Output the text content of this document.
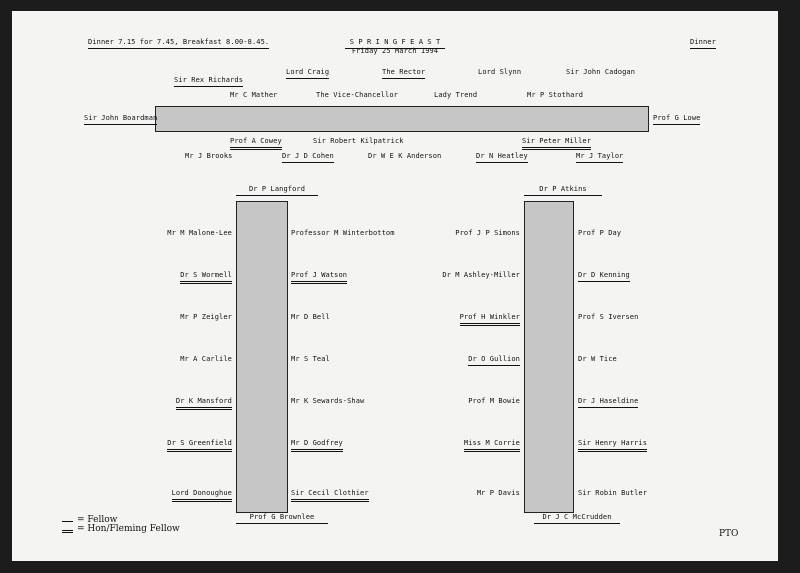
Dinner 7.15 for 7.45, Breakfast 8.00-8.45.	S P R I N G F E A S T
Friday 25 March 1994
Dinner
Lord Craig	The Rector	Lord Slynn	Sir John Cadogan
Sir Rex Richards
Mr C Mather	The Vice-Chancellor	Lady Trend	Mr P Stothard
Sir John Boardman	Prof G Lowe
Prof A Cowey	Sir Robert Kilpatrick	Sir Peter Miller
Mr J Brooks	Dr J D Cohen	Dr W E K Anderson	Dr N Heatley	Mr J Taylor
Dr P Langford
Prof G Brownlee
Mr M Malone-Lee
Dr S Wormell
Mr P Zeigler
Mr A Carlile
Dr K Mansford
Dr S Greenfield
Lord Donoughue
Professor M Winterbottom
Prof J Watson
Mr D Bell
Mr S Teal
Mr K Sewards-Shaw
Mr D Godfrey
Sir Cecil Clothier
Dr P Atkins
Dr J C McCrudden
Prof J P Simons
Dr M Ashley-Miller
Prof H Winkler
Dr O Gullion
Prof M Bowie
Miss M Corrie
Mr P Davis
Prof P Day
Dr D Kenning
Prof S Iversen
Dr W Tice
Dr J Haseldine
Sir Henry Harris
Sir Robin Butler
= Fellow
= Hon/Fleming Fellow	PTO
